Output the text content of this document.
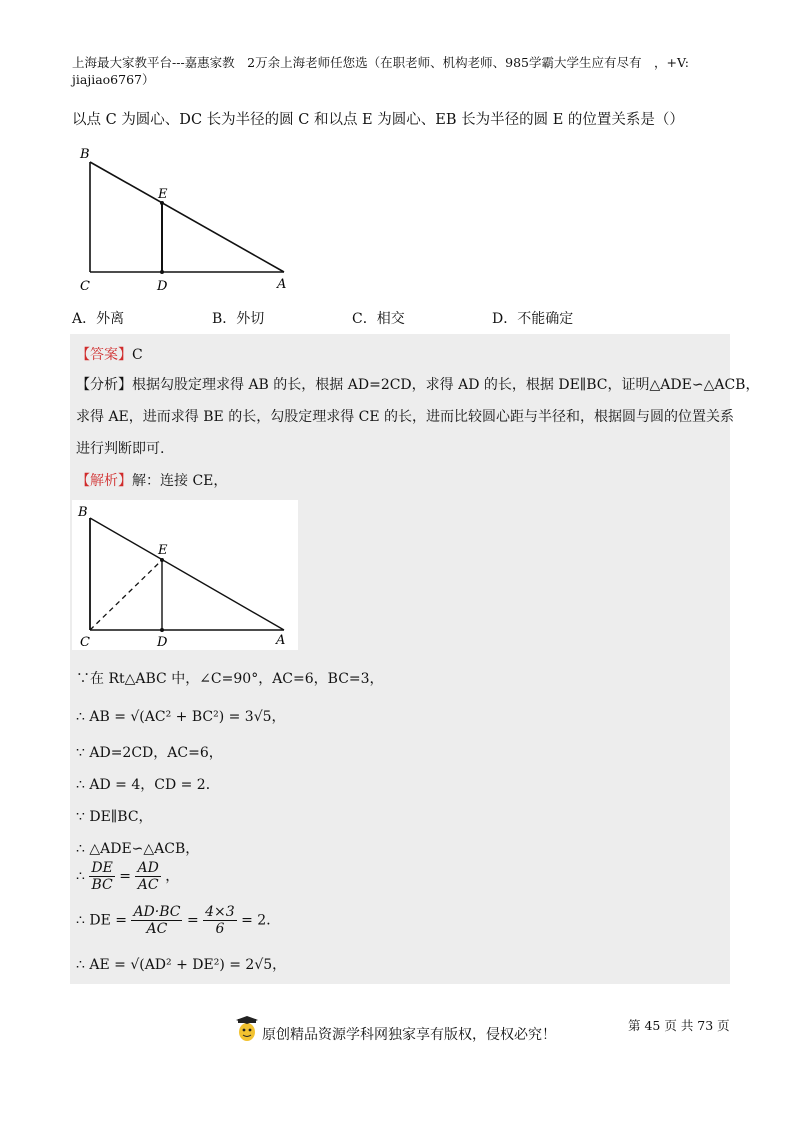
上海最大家教平台---嘉惠家教　2万余上海老师任您选（在职老师、机构老师、985学霸大学生应有尽有　，+V:
jiajiao6767）
以点 C 为圆心、DC 长为半径的圆 C 和以点 E 为圆心、EB 长为半径的圆 E 的位置关系是（）
B
E
C	D	A
A．外离	B．外切	C．相交	D．不能确定
【答案】C
【分析】根据勾股定理求得 AB 的长，根据 AD=2CD，求得 AD 的长，根据 DE∥BC，证明△ADE∽△ACB，
求得 AE，进而求得 BE 的长，勾股定理求得 CE 的长，进而比较圆心距与半径和，根据圆与圆的位置关系
进行判断即可.
【解析】解：连接 CE，
B
E
C	D	A
∵在 Rt△ABC 中，∠C=90°，AC=6，BC=3，
∴ AB = √(AC² + BC²) = 3√5，
∵ AD=2CD，AC=6，
∴ AD = 4，CD = 2．
∵ DE∥BC，
∴ △ADE∽△ACB，
∴ $\frac{DE}{BC} = \frac{AD}{AC}$ ，
∴ DE = $\frac{AD\cdot BC}{AC} = \frac{4\times 3}{6} = 2$．
∴ AE = √(AD² + DE²) = 2√5，
原创精品资源学科网独家享有版权，侵权必究！
第 45 页 共 73 页
